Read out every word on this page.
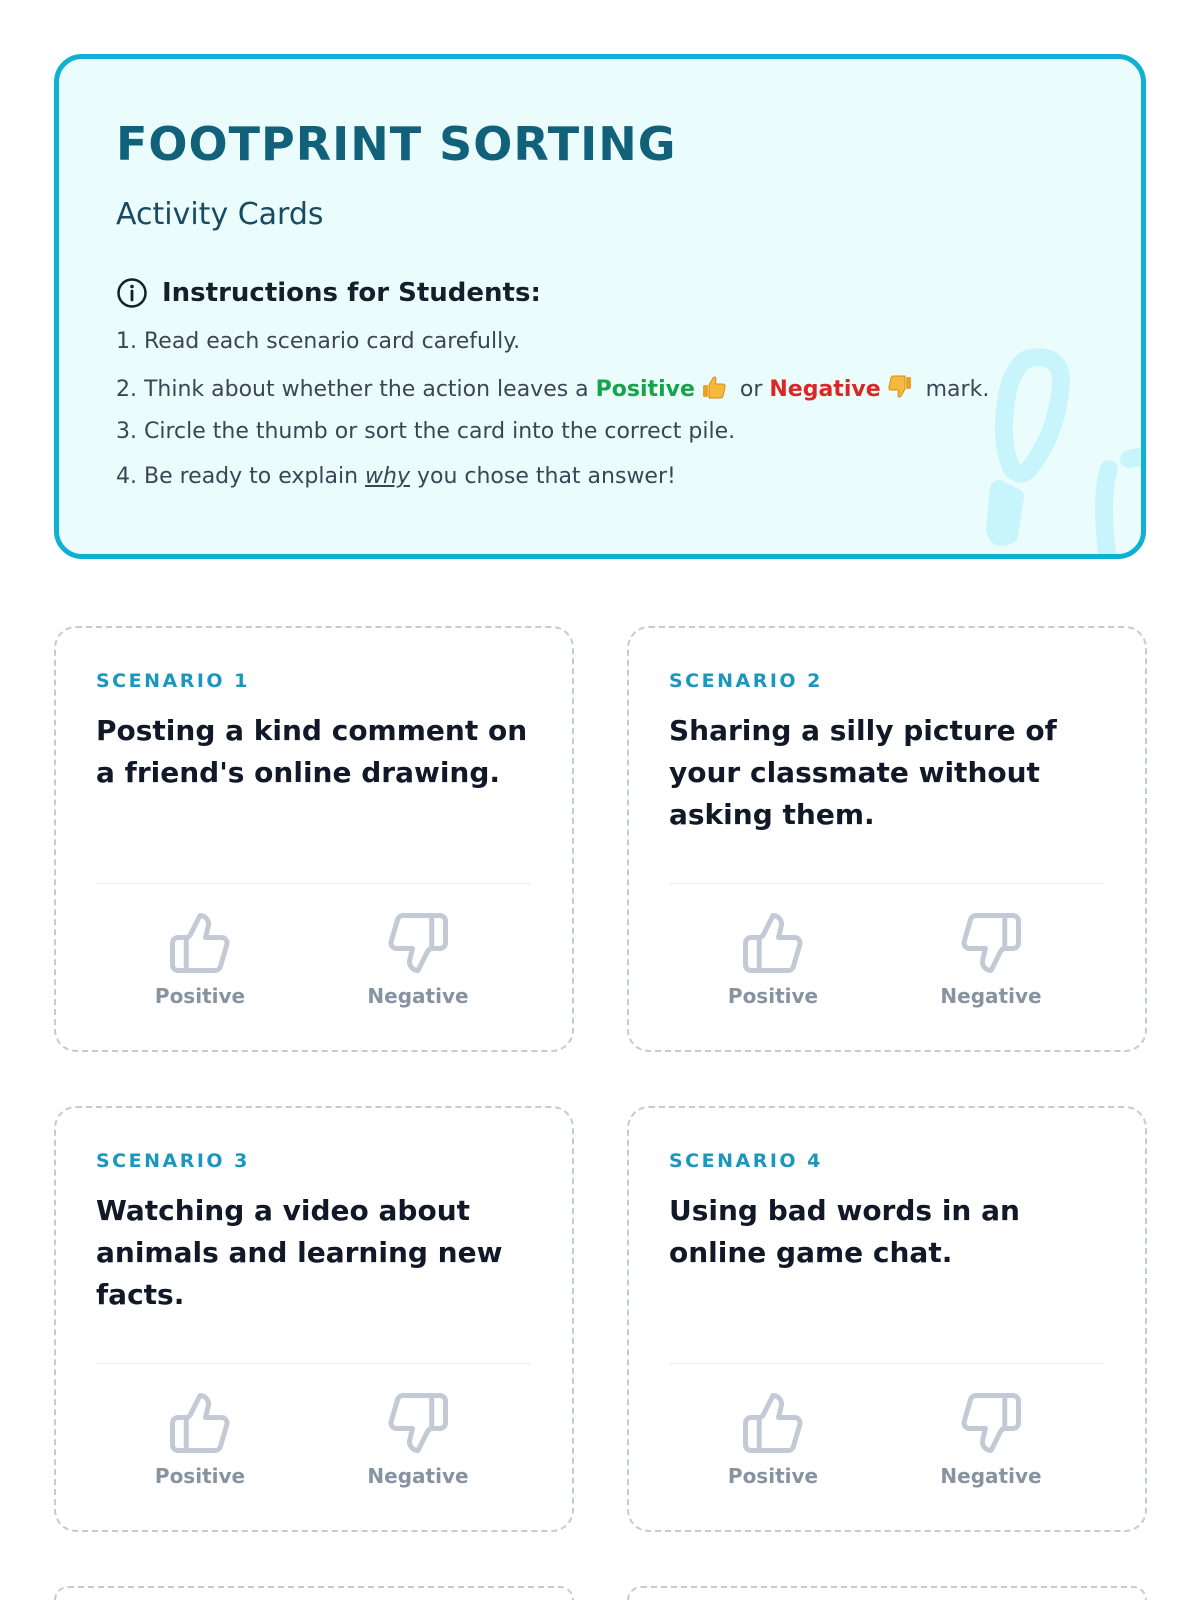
FOOTPRINT SORTING
Activity Cards
Instructions for Students:
1. Read each scenario card carefully.
2. Think about whether the action leaves a Positive or Negative mark.
3. Circle the thumb or sort the card into the correct pile.
4. Be ready to explain why you chose that answer!
SCENARIO 1
Posting a kind comment on a friend's online drawing.
Positive	Negative
SCENARIO 2
Sharing a silly picture of your classmate without asking them.
Positive	Negative
SCENARIO 3
Watching a video about animals and learning new facts.
Positive	Negative
SCENARIO 4
Using bad words in an online game chat.
Positive	Negative
